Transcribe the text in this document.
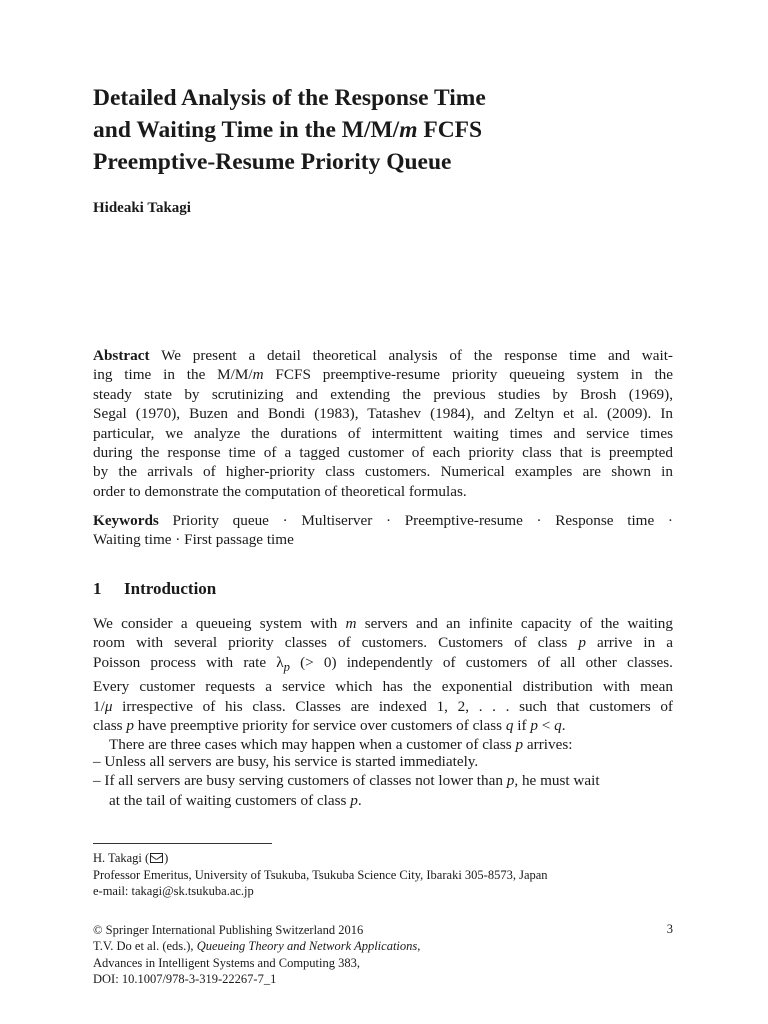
Detailed Analysis of the Response Time
and Waiting Time in the M/M/m FCFS
Preemptive-Resume Priority Queue
Hideaki Takagi
Abstract We present a detail theoretical analysis of the response time and wait-
ing time in the M/M/m FCFS preemptive-resume priority queueing system in the
steady state by scrutinizing and extending the previous studies by Brosh (1969),
Segal (1970), Buzen and Bondi (1983), Tatashev (1984), and Zeltyn et al. (2009). In
particular, we analyze the durations of intermittent waiting times and service times
during the response time of a tagged customer of each priority class that is preempted
by the arrivals of higher-priority class customers. Numerical examples are shown in
order to demonstrate the computation of theoretical formulas.
Keywords Priority queue · Multiserver · Preemptive-resume · Response time ·
Waiting time · First passage time
1 Introduction
We consider a queueing system with m servers and an infinite capacity of the waiting
room with several priority classes of customers. Customers of class p arrive in a
Poisson process with rate $\lambda_p$ (> 0) independently of customers of all other classes.
Every customer requests a service which has the exponential distribution with mean
1/μ irrespective of his class. Classes are indexed 1, 2, . . . such that customers of
class p have preemptive priority for service over customers of class q if p < q.
There are three cases which may happen when a customer of class p arrives:
– Unless all servers are busy, his service is started immediately.
– If all servers are busy serving customers of classes not lower than p, he must wait
at the tail of waiting customers of class p.
H. Takagi ( )
Professor Emeritus, University of Tsukuba, Tsukuba Science City, Ibaraki 305-8573, Japan
e-mail: takagi@sk.tsukuba.ac.jp
© Springer International Publishing Switzerland 2016
T.V. Do et al. (eds.), Queueing Theory and Network Applications,
Advances in Intelligent Systems and Computing 383,
DOI: 10.1007/978-3-319-22267-7_1
3
